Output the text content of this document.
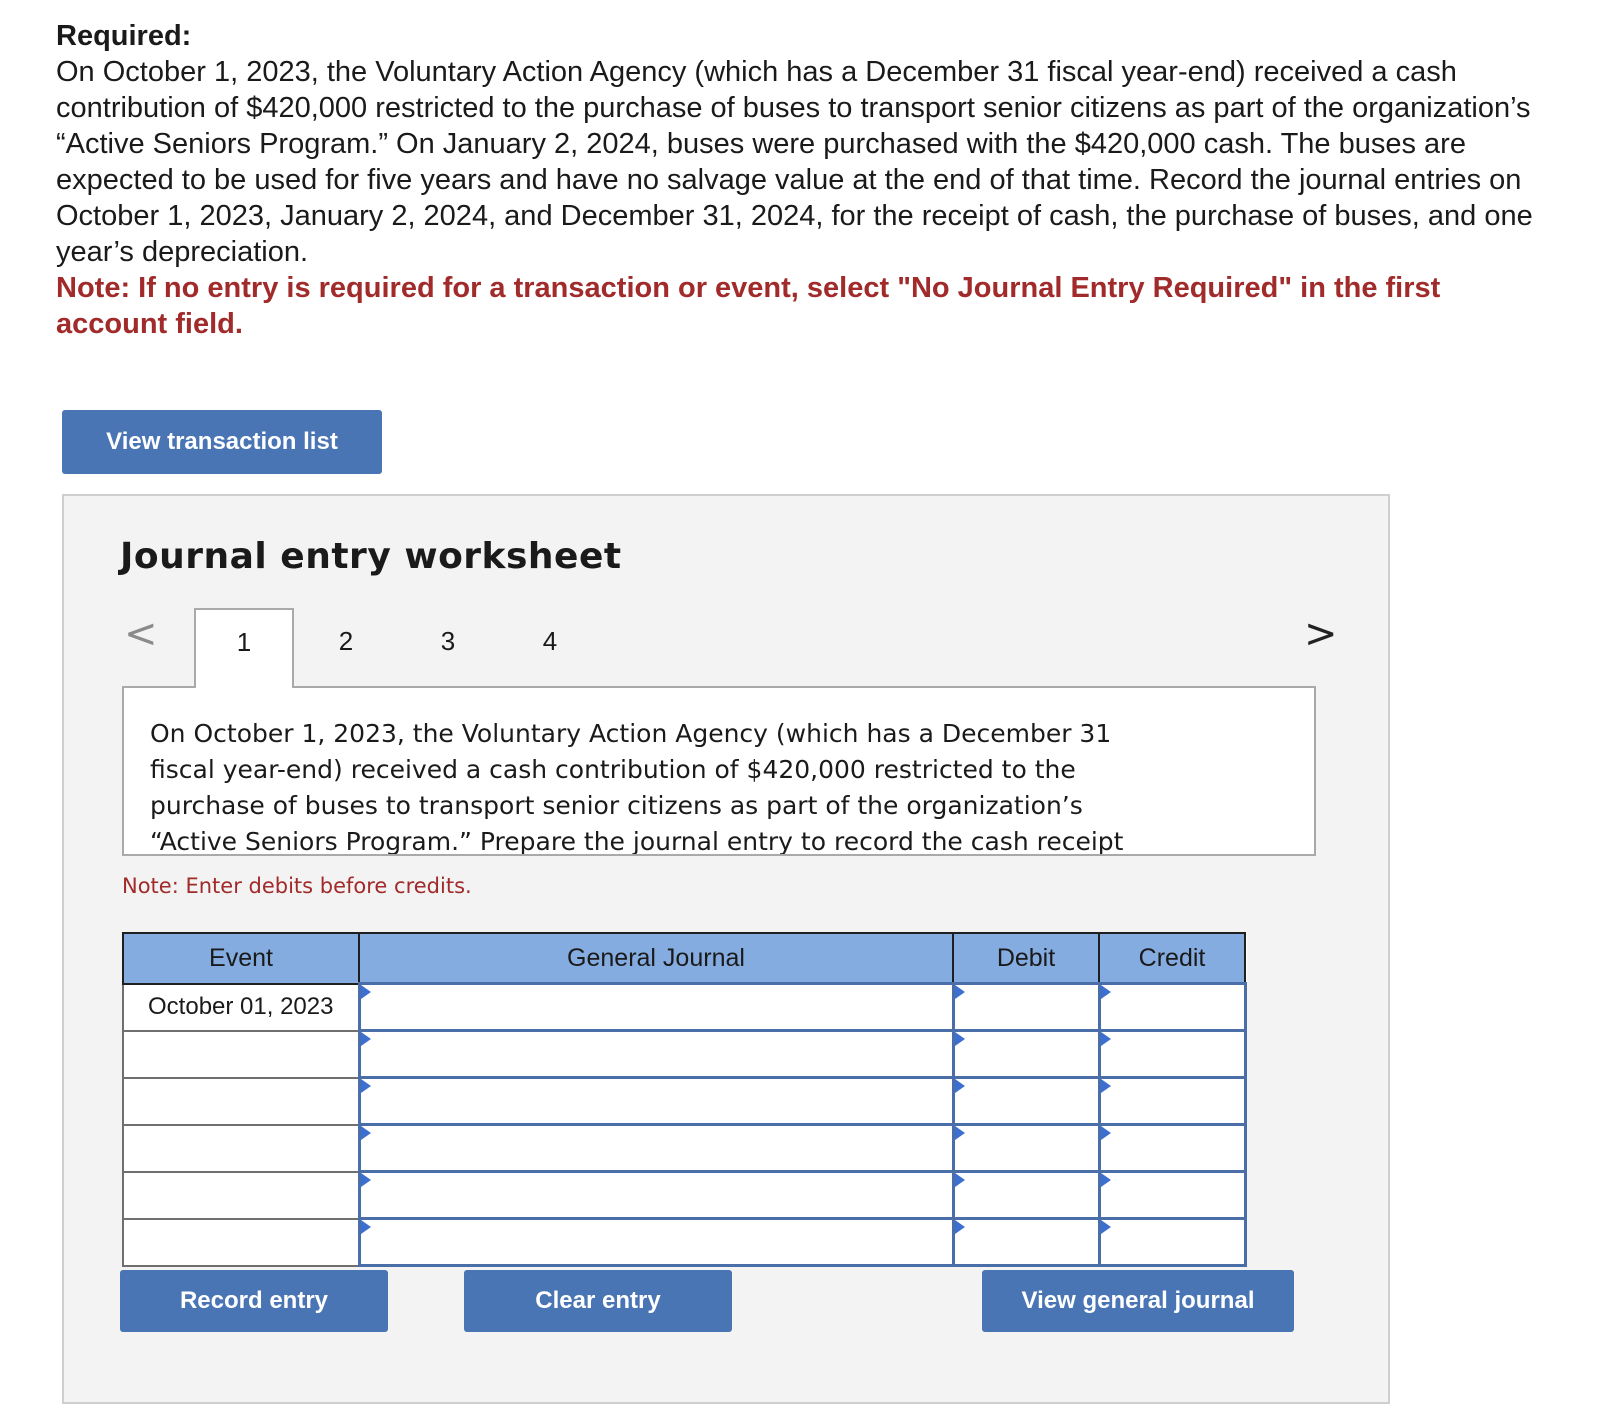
Required:
On October 1, 2023, the Voluntary Action Agency (which has a December 31 fiscal year-end) received a cash contribution of $420,000 restricted to the purchase of buses to transport senior citizens as part of the organization’s “Active Seniors Program.” On January 2, 2024, buses were purchased with the $420,000 cash. The buses are expected to be used for five years and have no salvage value at the end of that time. Record the journal entries on October 1, 2023, January 2, 2024, and December 31, 2024, for the receipt of cash, the purchase of buses, and one year’s depreciation.
Note: If no entry is required for a transaction or event, select "No Journal Entry Required" in the first account field.
View transaction list
Journal entry worksheet
<	1	2	3	4	>
On October 1, 2023, the Voluntary Action Agency (which has a December 31 fiscal year-end) received a cash contribution of $420,000 restricted to the purchase of buses to transport senior citizens as part of the organization’s “Active Seniors Program.” Prepare the journal entry to record the cash receipt
Note: Enter debits before credits.
Event	General Journal	Debit	Credit
October 01, 2023			

Record entry	Clear entry	View general journal
